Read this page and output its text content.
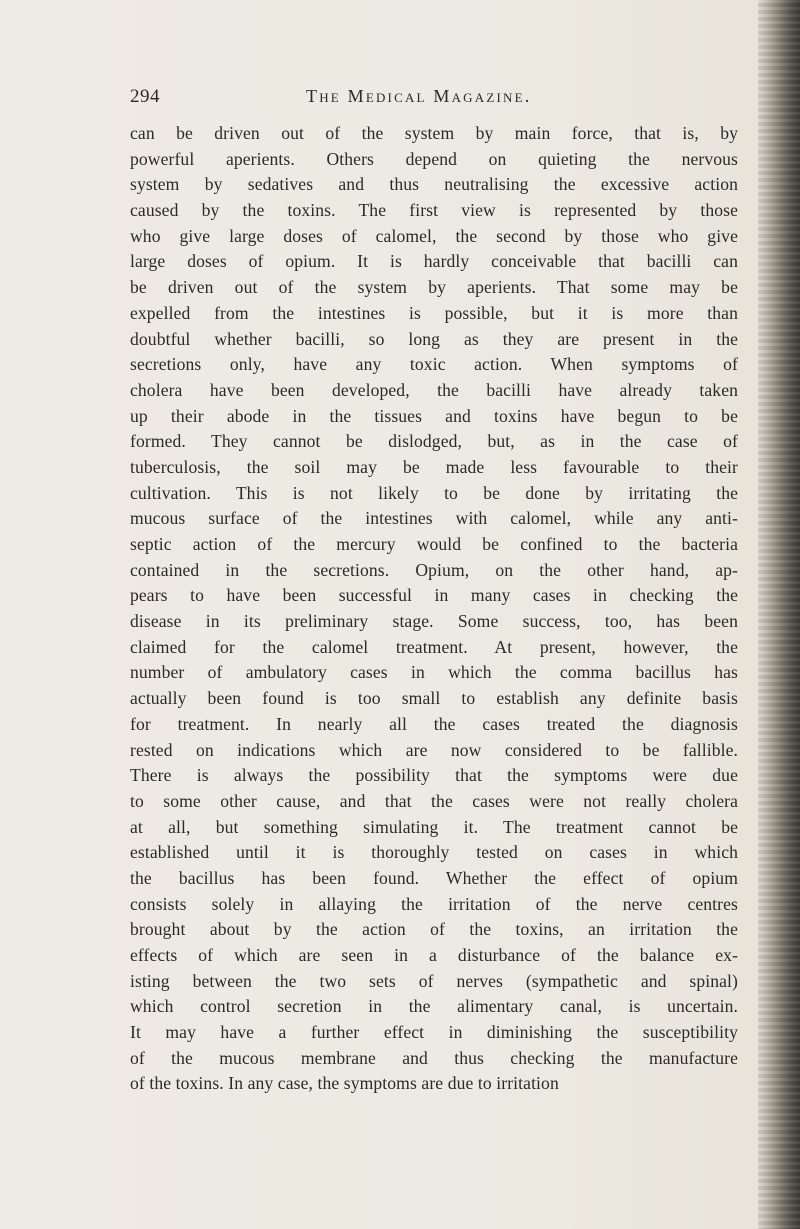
294	The Medical Magazine.
can be driven out of the system by main force, that is, by
powerful aperients. Others depend on quieting the nervous
system by sedatives and thus neutralising the excessive action
caused by the toxins. The first view is represented by those
who give large doses of calomel, the second by those who give
large doses of opium. It is hardly conceivable that bacilli can
be driven out of the system by aperients. That some may be
expelled from the intestines is possible, but it is more than
doubtful whether bacilli, so long as they are present in the
secretions only, have any toxic action. When symptoms of
cholera have been developed, the bacilli have already taken
up their abode in the tissues and toxins have begun to be
formed. They cannot be dislodged, but, as in the case of
tuberculosis, the soil may be made less favourable to their
cultivation. This is not likely to be done by irritating the
mucous surface of the intestines with calomel, while any anti-
septic action of the mercury would be confined to the bacteria
contained in the secretions. Opium, on the other hand, ap-
pears to have been successful in many cases in checking the
disease in its preliminary stage. Some success, too, has been
claimed for the calomel treatment. At present, however, the
number of ambulatory cases in which the comma bacillus has
actually been found is too small to establish any definite basis
for treatment. In nearly all the cases treated the diagnosis
rested on indications which are now considered to be fallible.
There is always the possibility that the symptoms were due
to some other cause, and that the cases were not really cholera
at all, but something simulating it. The treatment cannot be
established until it is thoroughly tested on cases in which
the bacillus has been found. Whether the effect of opium
consists solely in allaying the irritation of the nerve centres
brought about by the action of the toxins, an irritation the
effects of which are seen in a disturbance of the balance ex-
isting between the two sets of nerves (sympathetic and spinal)
which control secretion in the alimentary canal, is uncertain.
It may have a further effect in diminishing the susceptibility
of the mucous membrane and thus checking the manufacture
of the toxins. In any case, the symptoms are due to irritation
